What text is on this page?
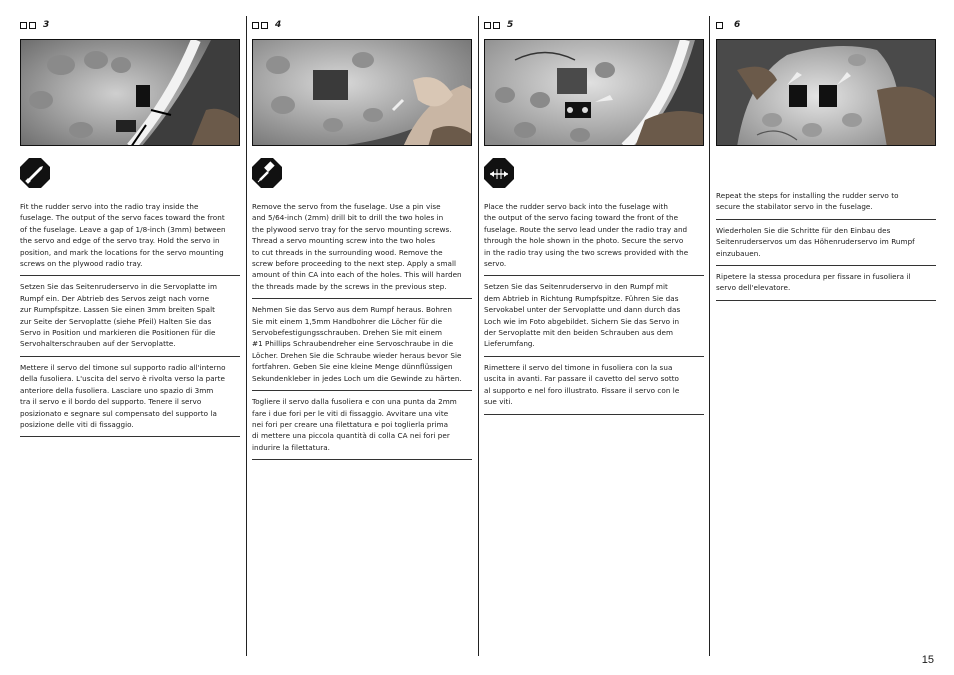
3

Fit the rudder servo into the radio tray inside the
fuselage. The output of the servo faces toward the front
of the fuselage. Leave a gap of 1/8-inch (3mm) between
the servo and edge of the servo tray. Hold the servo in
position, and mark the locations for the servo mounting
screws on the plywood radio tray.

Setzen Sie das Seitenruderservo in die Servoplatte im
Rumpf ein. Der Abtrieb des Servos zeigt nach vorne
zur Rumpfspitze. Lassen Sie einen 3mm breiten Spalt
zur Seite der Servoplatte (siehe Pfeil) Halten Sie das
Servo in Position und markieren die Positionen für die
Servohalterschrauben auf der Servoplatte.

Mettere il servo del timone sul supporto radio all'interno
della fusoliera. L'uscita del servo è rivolta verso la parte
anteriore della fusoliera. Lasciare uno spazio di 3mm
tra il servo e il bordo del supporto. Tenere il servo
posizionato e segnare sul compensato del supporto la
posizione delle viti di fissaggio.

4

Remove the servo from the fuselage. Use a pin vise
and 5/64-inch (2mm) drill bit to drill the two holes in
the plywood servo tray for the servo mounting screws.
Thread a servo mounting screw into the two holes
to cut threads in the surrounding wood. Remove the
screw before proceeding to the next step. Apply a small
amount of thin CA into each of the holes. This will harden
the threads made by the screws in the previous step.

Nehmen Sie das Servo aus dem Rumpf heraus. Bohren
Sie mit einem 1,5mm Handbohrer die Löcher für die
Servobefestigungsschrauben. Drehen Sie mit einem
#1 Phillips Schraubendreher eine Servoschraube in die
Löcher. Drehen Sie die Schraube wieder heraus bevor Sie
fortfahren. Geben Sie eine kleine Menge dünnflüssigen
Sekundenkleber in jedes Loch um die Gewinde zu härten.

Togliere il servo dalla fusoliera e con una punta da 2mm
fare i due fori per le viti di fissaggio. Avvitare una vite
nei fori per creare una filettatura e poi toglierla prima
di mettere una piccola quantità di colla CA nei fori per
indurire la filettatura.

5

Place the rudder servo back into the fuselage with
the output of the servo facing toward the front of the
fuselage. Route the servo lead under the radio tray and
through the hole shown in the photo. Secure the servo
in the radio tray using the two screws provided with the
servo.

Setzen Sie das Seitenruderservo in den Rumpf mit
dem Abtrieb in Richtung Rumpfspitze. Führen Sie das
Servokabel unter der Servoplatte und dann durch das
Loch wie im Foto abgebildet. Sichern Sie das Servo in
der Servoplatte mit den beiden Schrauben aus dem
Lieferumfang.

Rimettere il servo del timone in fusoliera con la sua
uscita in avanti. Far passare il cavetto del servo sotto
al supporto e nel foro illustrato. Fissare il servo con le
sue viti.

6

Repeat the steps for installing the rudder servo to
secure the stabilator servo in the fuselage.

Wiederholen Sie die Schritte für den Einbau des
Seitenruderservos um das Höhenruderservo im Rumpf
einzubauen.

Ripetere la stessa procedura per fissare in fusoliera il
servo dell'elevatore.

15
